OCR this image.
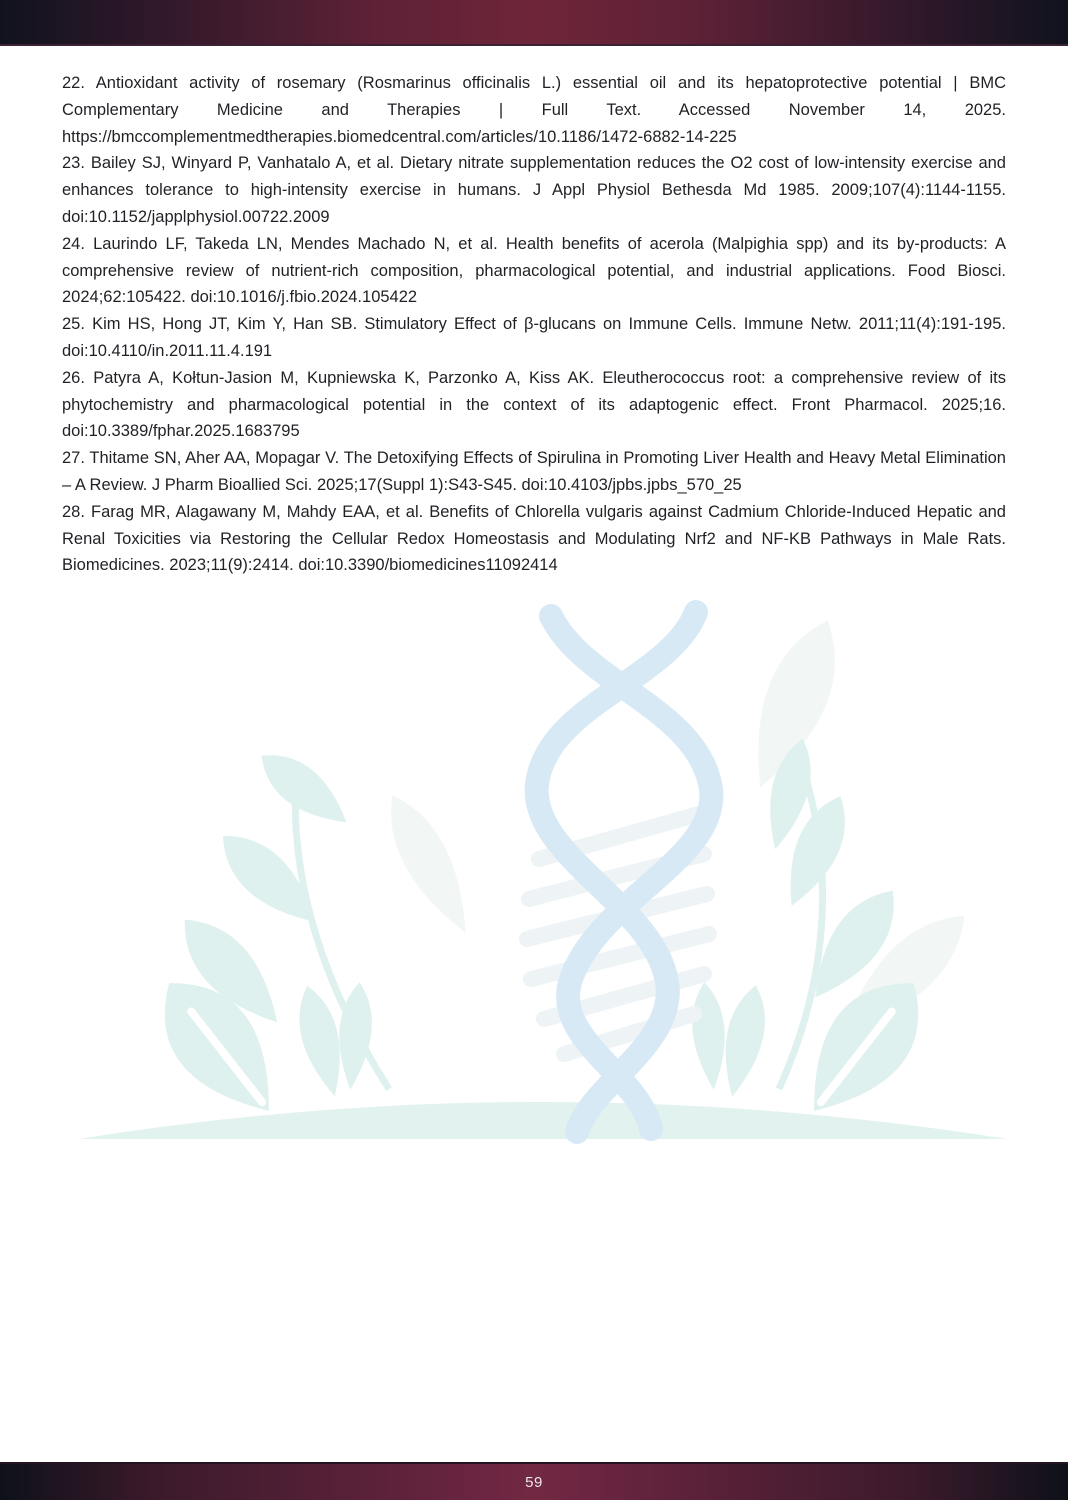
22. Antioxidant activity of rosemary (Rosmarinus officinalis L.) essential oil and its hepatoprotective potential | BMC Complementary Medicine and Therapies | Full Text. Accessed November 14, 2025. https://bmccomplementmedtherapies.biomedcentral.com/articles/10.1186/1472-6882-14-225

23. Bailey SJ, Winyard P, Vanhatalo A, et al. Dietary nitrate supplementation reduces the O2 cost of low-intensity exercise and enhances tolerance to high-intensity exercise in humans. J Appl Physiol Bethesda Md 1985. 2009;107(4):1144-1155. doi:10.1152/japplphysiol.00722.2009

24. Laurindo LF, Takeda LN, Mendes Machado N, et al. Health benefits of acerola (Malpighia spp) and its by-products: A comprehensive review of nutrient-rich composition, pharmacological potential, and industrial applications. Food Biosci. 2024;62:105422. doi:10.1016/j.fbio.2024.105422

25. Kim HS, Hong JT, Kim Y, Han SB. Stimulatory Effect of β-glucans on Immune Cells. Immune Netw. 2011;11(4):191-195. doi:10.4110/in.2011.11.4.191

26. Patyra A, Kołtun-Jasion M, Kupniewska K, Parzonko A, Kiss AK. Eleutherococcus root: a comprehensive review of its phytochemistry and pharmacological potential in the context of its adaptogenic effect. Front Pharmacol. 2025;16. doi:10.3389/fphar.2025.1683795

27. Thitame SN, Aher AA, Mopagar V. The Detoxifying Effects of Spirulina in Promoting Liver Health and Heavy Metal Elimination – A Review. J Pharm Bioallied Sci. 2025;17(Suppl 1):S43-S45. doi:10.4103/jpbs.jpbs_570_25

28. Farag MR, Alagawany M, Mahdy EAA, et al. Benefits of Chlorella vulgaris against Cadmium Chloride-Induced Hepatic and Renal Toxicities via Restoring the Cellular Redox Homeostasis and Modulating Nrf2 and NF-KB Pathways in Male Rats. Biomedicines. 2023;11(9):2414. doi:10.3390/biomedicines11092414

59
